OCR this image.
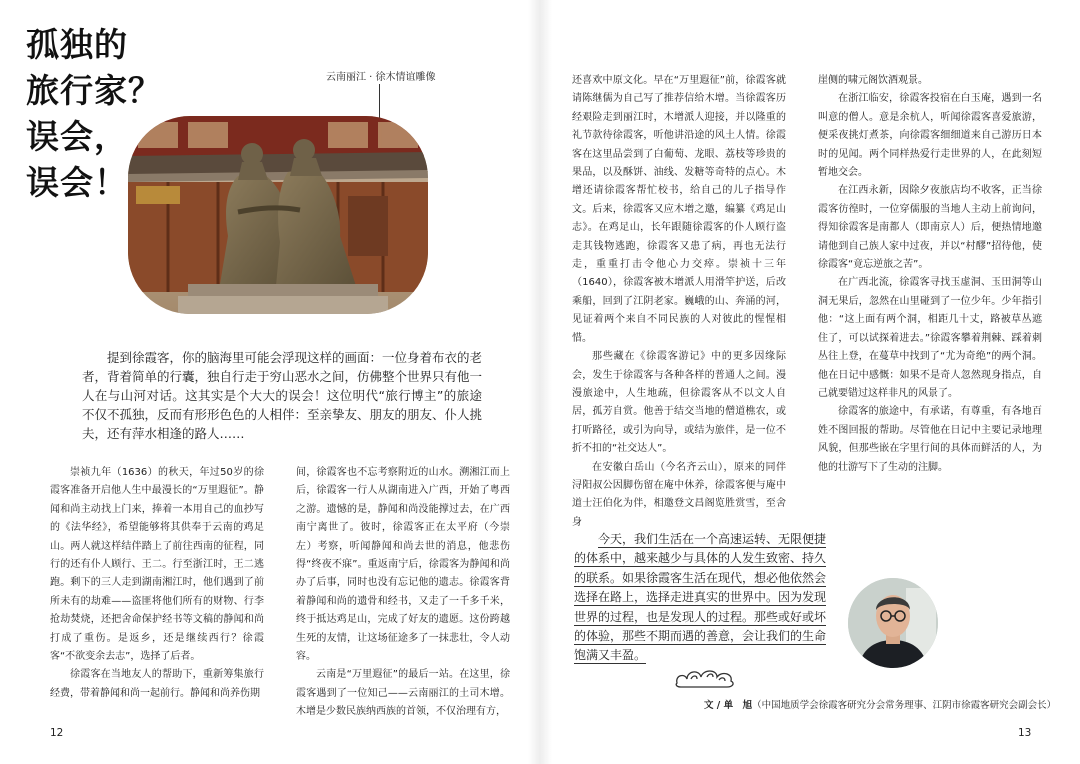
孤独的
旅行家？
误会，
误会！
云南丽江 · 徐木情谊雕像

提到徐霞客，你的脑海里可能会浮现这样的画面：一位身着布衣的老者，背着简单的行囊，独自行走于穷山恶水之间，仿佛整个世界只有他一人在与山河对话。这其实是个大大的误会！这位明代“旅行博主”的旅途不仅不孤独，反而有形形色色的人相伴：至亲挚友、朋友的朋友、仆人挑夫，还有萍水相逢的路人……

崇祯九年（1636）的秋天，年过50岁的徐霞客准备开启他人生中最漫长的“万里遐征”。静闻和尚主动找上门来，捧着一本用自己的血抄写的《法华经》，希望能够将其供奉于云南的鸡足山。两人就这样结伴踏上了前往西南的征程，同行的还有仆人顾行、王二。行至浙江时，王二逃跑。剩下的三人走到湖南湘江时，他们遇到了前所未有的劫难——盗匪将他们所有的财物、行李抢劫焚烧，还把舍命保护经书等文稿的静闻和尚打成了重伤。是返乡，还是继续西行？徐霞客“不欲变余去志”，选择了后者。

徐霞客在当地友人的帮助下，重新筹集旅行经费，带着静闻和尚一起前行。静闻和尚养伤期

间，徐霞客也不忘考察附近的山水。溯湘江而上后，徐霞客一行人从湖南进入广西，开始了粤西之游。遗憾的是，静闻和尚没能撑过去，在广西南宁离世了。彼时，徐霞客正在太平府（今崇左）考察，听闻静闻和尚去世的消息，他悲伤得“终夜不寐”。重返南宁后，徐霞客为静闻和尚办了后事，同时也没有忘记他的遗志。徐霞客背着静闻和尚的遗骨和经书，又走了一千多千米，终于抵达鸡足山，完成了好友的遗愿。这份跨越生死的友情，让这场征途多了一抹悲壮，令人动容。

云南是“万里遐征”的最后一站。在这里，徐霞客遇到了一位知己——云南丽江的土司木增。木增是少数民族纳西族的首领，不仅治理有方，

12

还喜欢中原文化。早在“万里遐征”前，徐霞客就请陈继儒为自己写了推荐信给木增。当徐霞客历经艰险走到丽江时，木增派人迎接，并以隆重的礼节款待徐霞客，听他讲沿途的风土人情。徐霞客在这里品尝到了白葡萄、龙眼、荔枝等珍贵的果品，以及酥饼、油线、发糖等奇特的点心。木增还请徐霞客帮忙校书，给自己的儿子指导作文。后来，徐霞客又应木增之邀，编纂《鸡足山志》。在鸡足山，长年跟随徐霞客的仆人顾行盗走其钱物逃跑，徐霞客又患了病，再也无法行走，重重打击令他心力交瘁。崇祯十三年（1640），徐霞客被木增派人用滑竿护送，后改乘船，回到了江阴老家。巍峨的山、奔涌的河，见证着两个来自不同民族的人对彼此的惺惺相惜。

那些藏在《徐霞客游记》中的更多因缘际会，发生于徐霞客与各种各样的普通人之间。漫漫旅途中，人生地疏，但徐霞客从不以文人自居，孤芳自赏。他善于结交当地的僧道樵农，或打听路径，或引为向导，或结为旅伴，是一位不折不扣的“社交达人”。

在安徽白岳山（今名齐云山），原来的同伴浔阳叔公因脚伤留在庵中休养，徐霞客便与庵中道士汪伯化为伴，相邀登文昌阁览胜赏雪，至舍身

崖侧的啸元阁饮酒观景。

在浙江临安，徐霞客投宿在白玉庵，遇到一名叫意的僧人。意是余杭人，听闻徐霞客喜爱旅游，便采夜挑灯煮茶，向徐霞客细细道来自己游历日本时的见闻。两个同样热爱行走世界的人，在此刻短暂地交会。

在江西永新，因除夕夜旅店均不收客，正当徐霞客彷徨时，一位穿儒服的当地人主动上前询问，得知徐霞客是南都人（即南京人）后，便热情地邀请他到自己族人家中过夜，并以“村醪”招待他，使徐霞客“竟忘逆旅之苦”。

在广西北流，徐霞客寻找玉虚洞、玉田洞等山洞无果后，忽然在山里碰到了一位少年。少年指引他：“这上面有两个洞，相距几十丈，路被草丛遮住了，可以试探着进去。”徐霞客攀着荆棘、踩着刺丛往上登，在蔓草中找到了“尤为奇绝”的两个洞。他在日记中感慨：如果不是奇人忽然现身指点，自己就要错过这样非凡的风景了。

徐霞客的旅途中，有承诺，有尊重，有各地百姓不图回报的帮助。尽管他在日记中主要记录地理风貌，但那些嵌在字里行间的具体而鲜活的人，为他的壮游写下了生动的注脚。

13

今天，我们生活在一个高速运转、无限便捷的体系中，越来越少与具体的人发生致密、持久的联系。如果徐霞客生活在现代，想必他依然会选择在路上，选择走进真实的世界中。因为发现世界的过程，也是发现人的过程。那些或好或坏的体验，那些不期而遇的善意，会让我们的生命饱满又丰盈。

文 / 单　旭（中国地质学会徐霞客研究分会常务理事、江阴市徐霞客研究会副会长）
